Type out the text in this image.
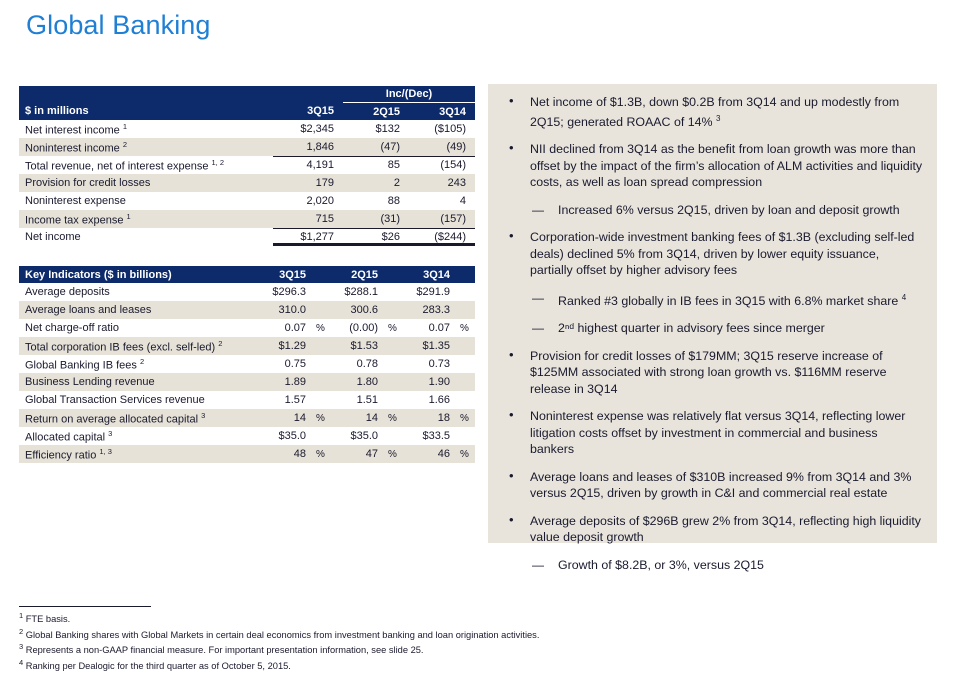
Global Banking
		Inc/(Dec)	
$ in millions	3Q15	2Q15	3Q14
Net interest income $^1$	$2,345	$132	($105)
Noninterest income $^2$	1,846	(47)	(49)
Total revenue, net of interest expense $^{1, 2}$	4,191	85	(154)
Provision for credit losses	179	2	243
Noninterest expense	2,020	88	4
Income tax expense $^1$	715	(31)	(157)
Net income	$1,277	$26	($244)
Key Indicators ($ in billions)	3Q15		2Q15		3Q14	
Average deposits	$296.3		$288.1		$291.9	
Average loans and leases	310.0		300.6		283.3	
Net charge-off ratio	0.07	%	(0.00)	%	0.07	%
Total corporation IB fees (excl. self-led) $^2$	$1.29		$1.53		$1.35	
Global Banking IB fees $^2$	0.75		0.78		0.73	
Business Lending revenue	1.89		1.80		1.90	
Global Transaction Services revenue	1.57		1.51		1.66	
Return on average allocated capital $^3$	14	%	14	%	18	%
Allocated capital $^3$	$35.0		$35.0		$33.5	
Efficiency ratio $^{1, 3}$	48	%	47	%	46	%
• Net income of $1.3B, down $0.2B from 3Q14 and up modestly from 2Q15; generated ROAAC of 14% $^3$
• NII declined from 3Q14 as the benefit from loan growth was more than offset by the impact of the firm’s allocation of ALM activities and liquidity costs, as well as loan spread compression
— Increased 6% versus 2Q15, driven by loan and deposit growth
• Corporation-wide investment banking fees of $1.3B (excluding self-led deals) declined 5% from 3Q14, driven by lower equity issuance, partially offset by higher advisory fees
— Ranked #3 globally in IB fees in 3Q15 with 6.8% market share $^4$
— 2ⁿᵈ highest quarter in advisory fees since merger
• Provision for credit losses of $179MM; 3Q15 reserve increase of $125MM associated with strong loan growth vs. $116MM reserve release in 3Q14
• Noninterest expense was relatively flat versus 3Q14, reflecting lower litigation costs offset by investment in commercial and business bankers
• Average loans and leases of $310B increased 9% from 3Q14 and 3% versus 2Q15, driven by growth in C&I and commercial real estate
• Average deposits of $296B grew 2% from 3Q14, reflecting high liquidity value deposit growth
— Growth of $8.2B, or 3%, versus 2Q15
$^1$ FTE basis.
$^2$ Global Banking shares with Global Markets in certain deal economics from investment banking and loan origination activities.
$^3$ Represents a non-GAAP financial measure. For important presentation information, see slide 25.
$^4$ Ranking per Dealogic for the third quarter as of October 5, 2015.
